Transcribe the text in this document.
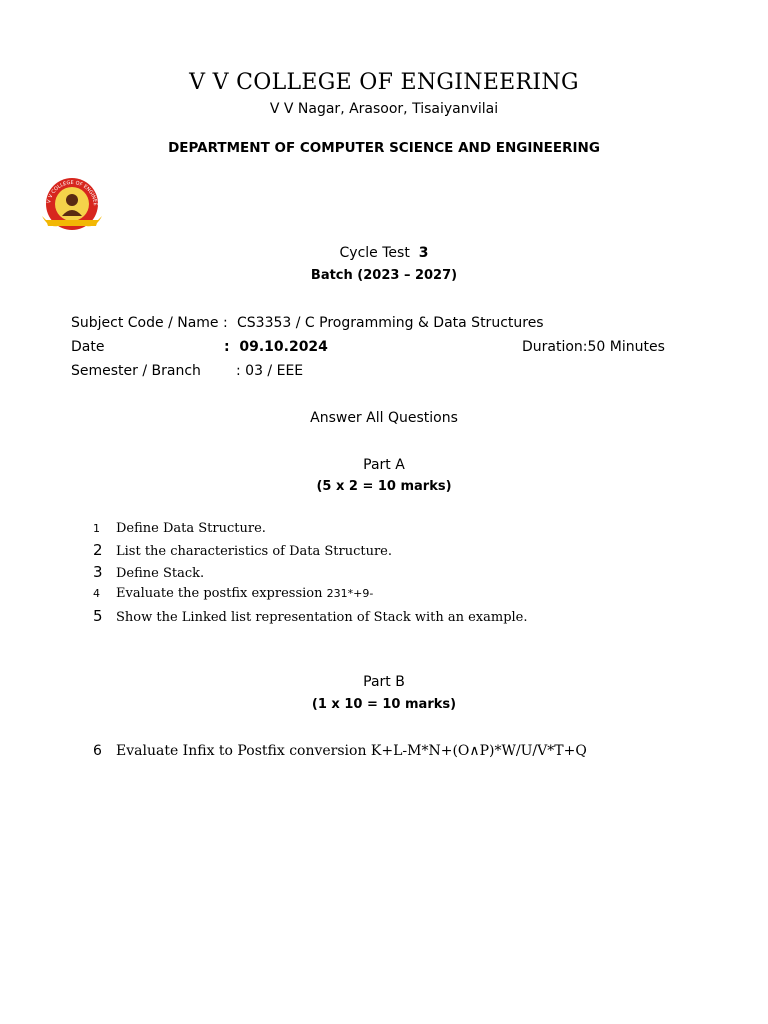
V V COLLEGE OF ENGINEERING
V V Nagar, Arasoor, Tisaiyanvilai
DEPARTMENT OF COMPUTER SCIENCE AND ENGINEERING
V V COLLEGE OF ENGINEE
Cycle Test 3
Batch (2023 – 2027)
Subject Code / Name : CS3353 / C Programming & Data Structures
Date	:  09.10.2024	Duration:50 Minutes
Semester / Branch	: 03 / EEE
Answer All Questions
Part A
(5 x 2 = 10 marks)
1 Define Data Structure.
2 List the characteristics of Data Structure.
3 Define Stack.
4 Evaluate the postfix expression 231*+9-
5 Show the Linked list representation of Stack with an example.
Part B
(1 x 10 = 10 marks)
6 Evaluate Infix to Postfix conversion K+L-M*N+(O∧P)*W/U/V*T+Q
